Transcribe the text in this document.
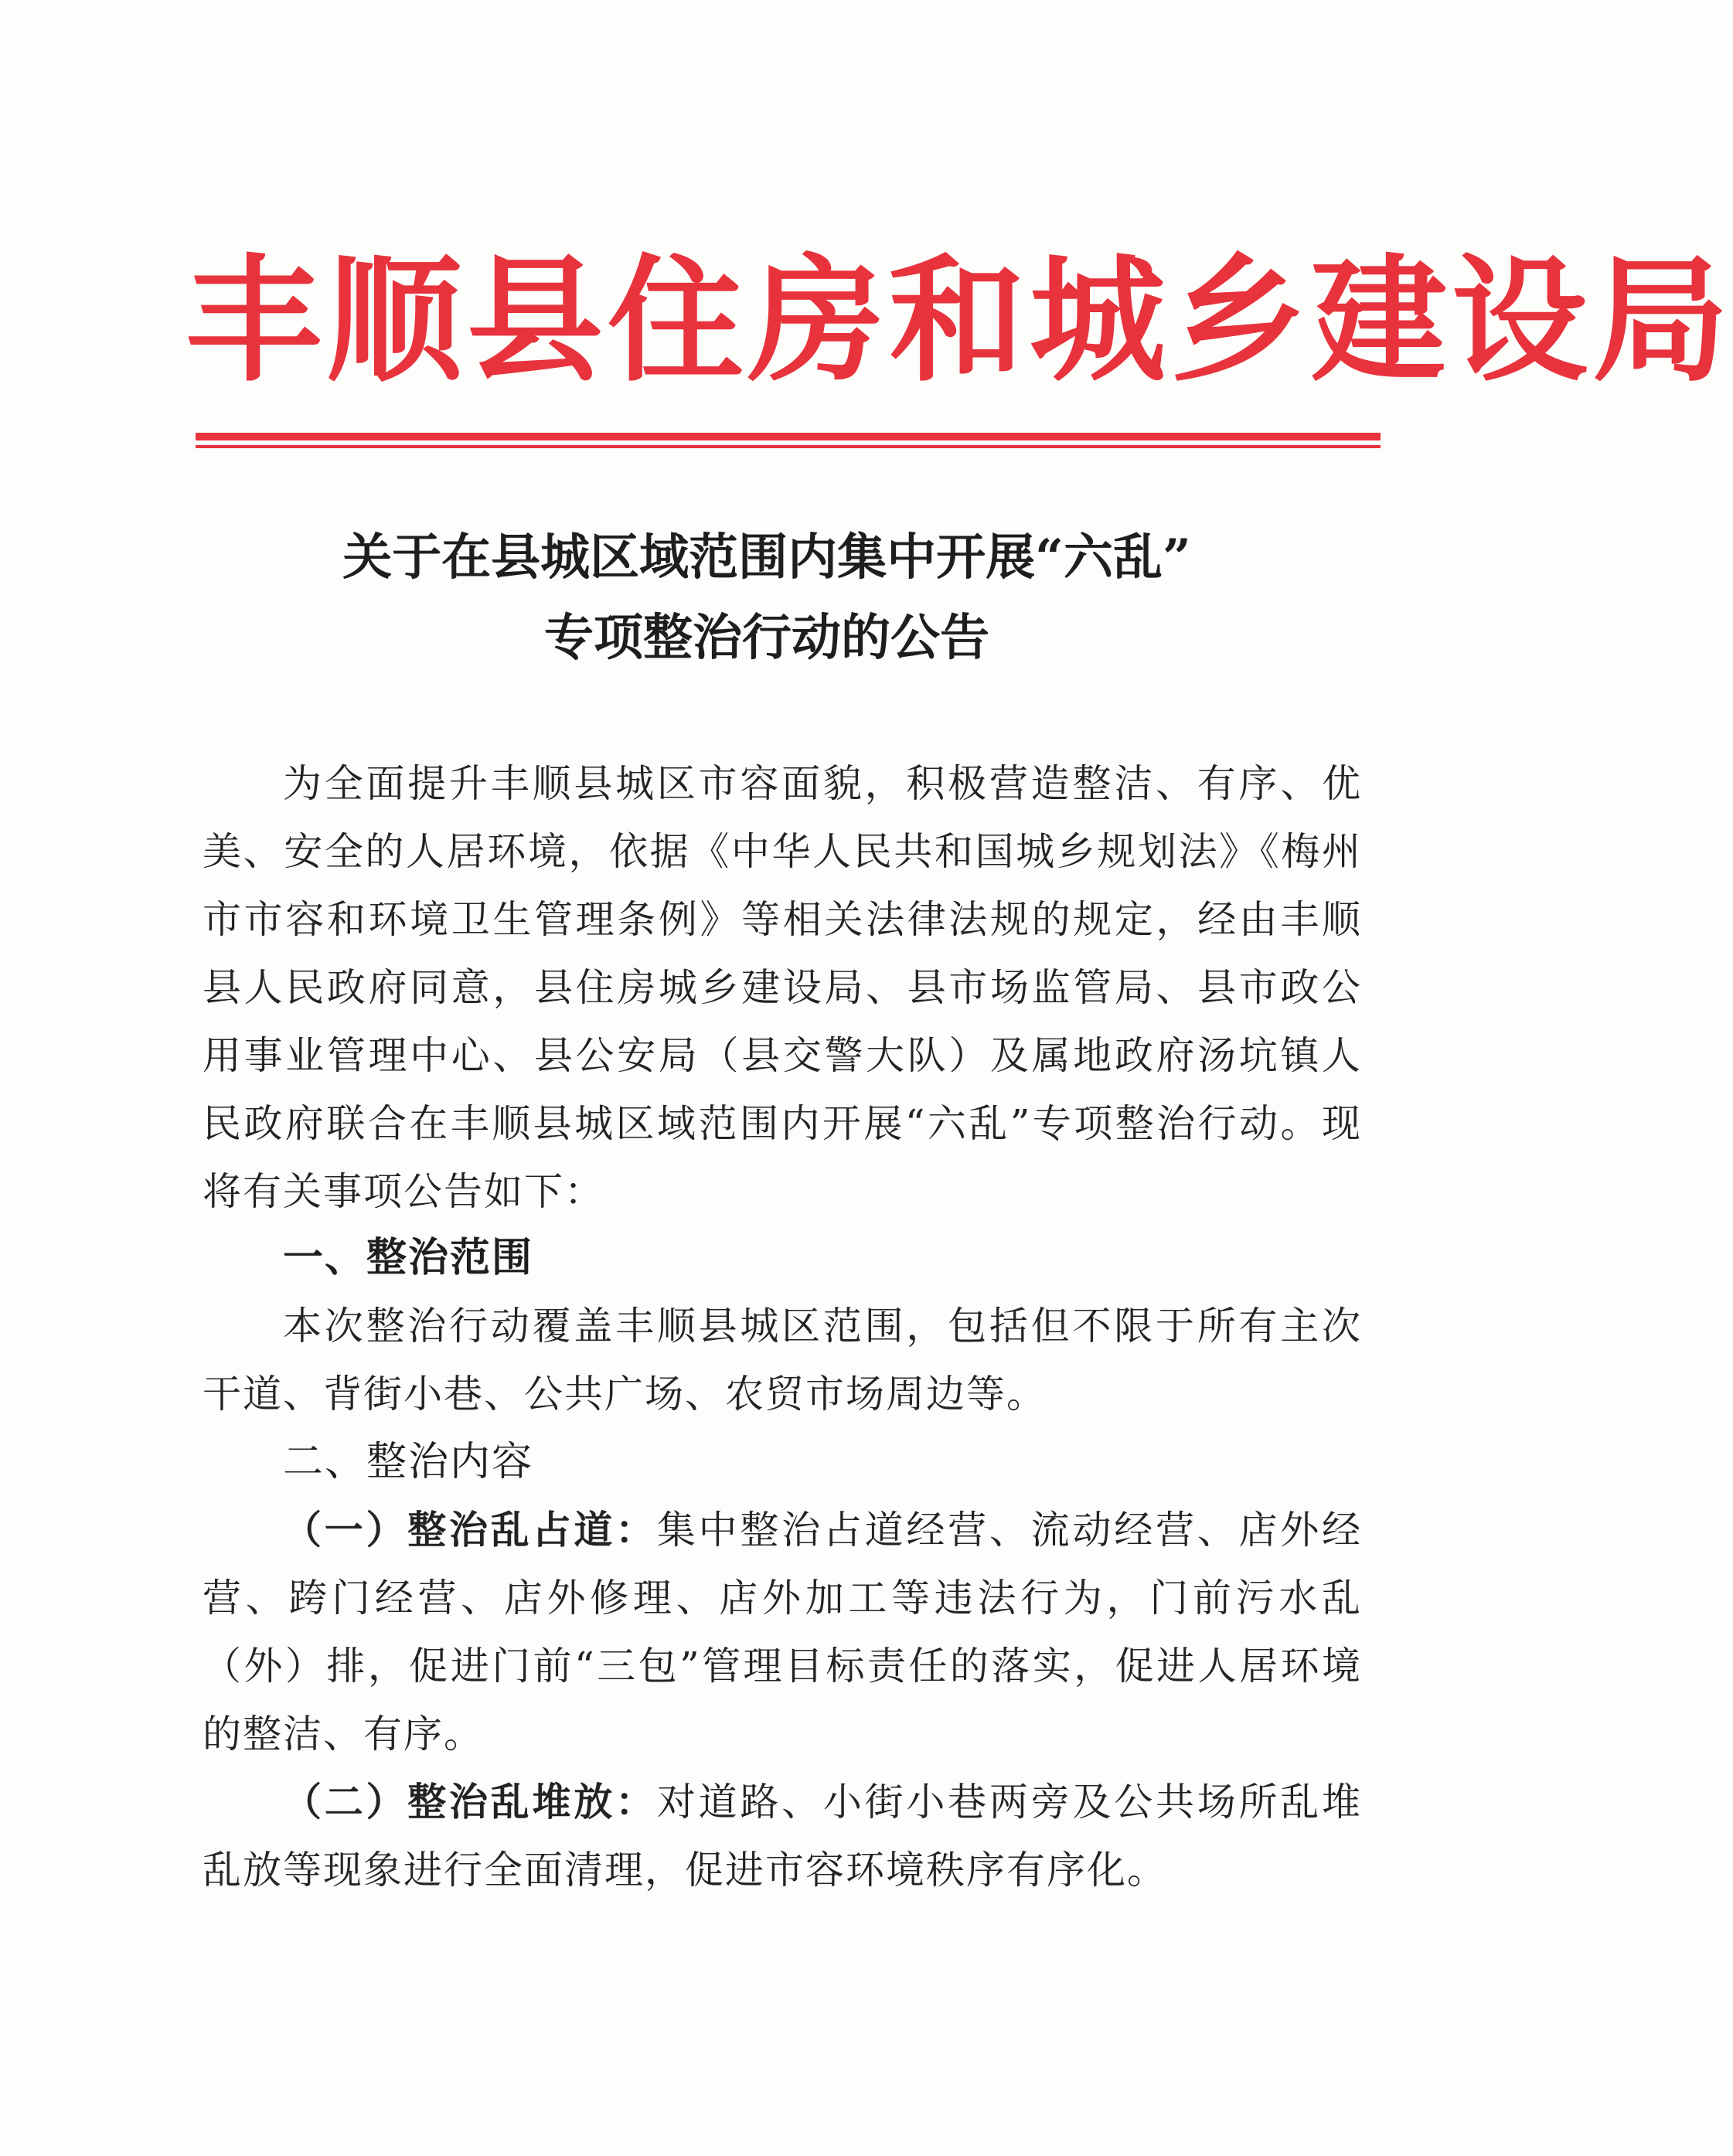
丰顺县住房和城乡建设局
关于在县城区域范围内集中开展“六乱”
专项整治行动的公告

为全面提升丰顺县城区市容面貌，积极营造整洁、有序、优美、安全的人居环境，依据《中华人民共和国城乡规划法》《梅州市市容和环境卫生管理条例》等相关法律法规的规定，经由丰顺县人民政府同意，县住房城乡建设局、县市场监管局、县市政公用事业管理中心、县公安局（县交警大队）及属地政府汤坑镇人民政府联合在丰顺县城区域范围内开展“六乱”专项整治行动。现将有关事项公告如下：

一、整治范围

本次整治行动覆盖丰顺县城区范围，包括但不限于所有主次干道、背街小巷、公共广场、农贸市场周边等。

二、整治内容

（一）整治乱占道：集中整治占道经营、流动经营、店外经营、跨门经营、店外修理、店外加工等违法行为，门前污水乱（外）排，促进门前“三包”管理目标责任的落实，促进人居环境的整洁、有序。

（二）整治乱堆放：对道路、小街小巷两旁及公共场所乱堆乱放等现象进行全面清理，促进市容环境秩序有序化。
